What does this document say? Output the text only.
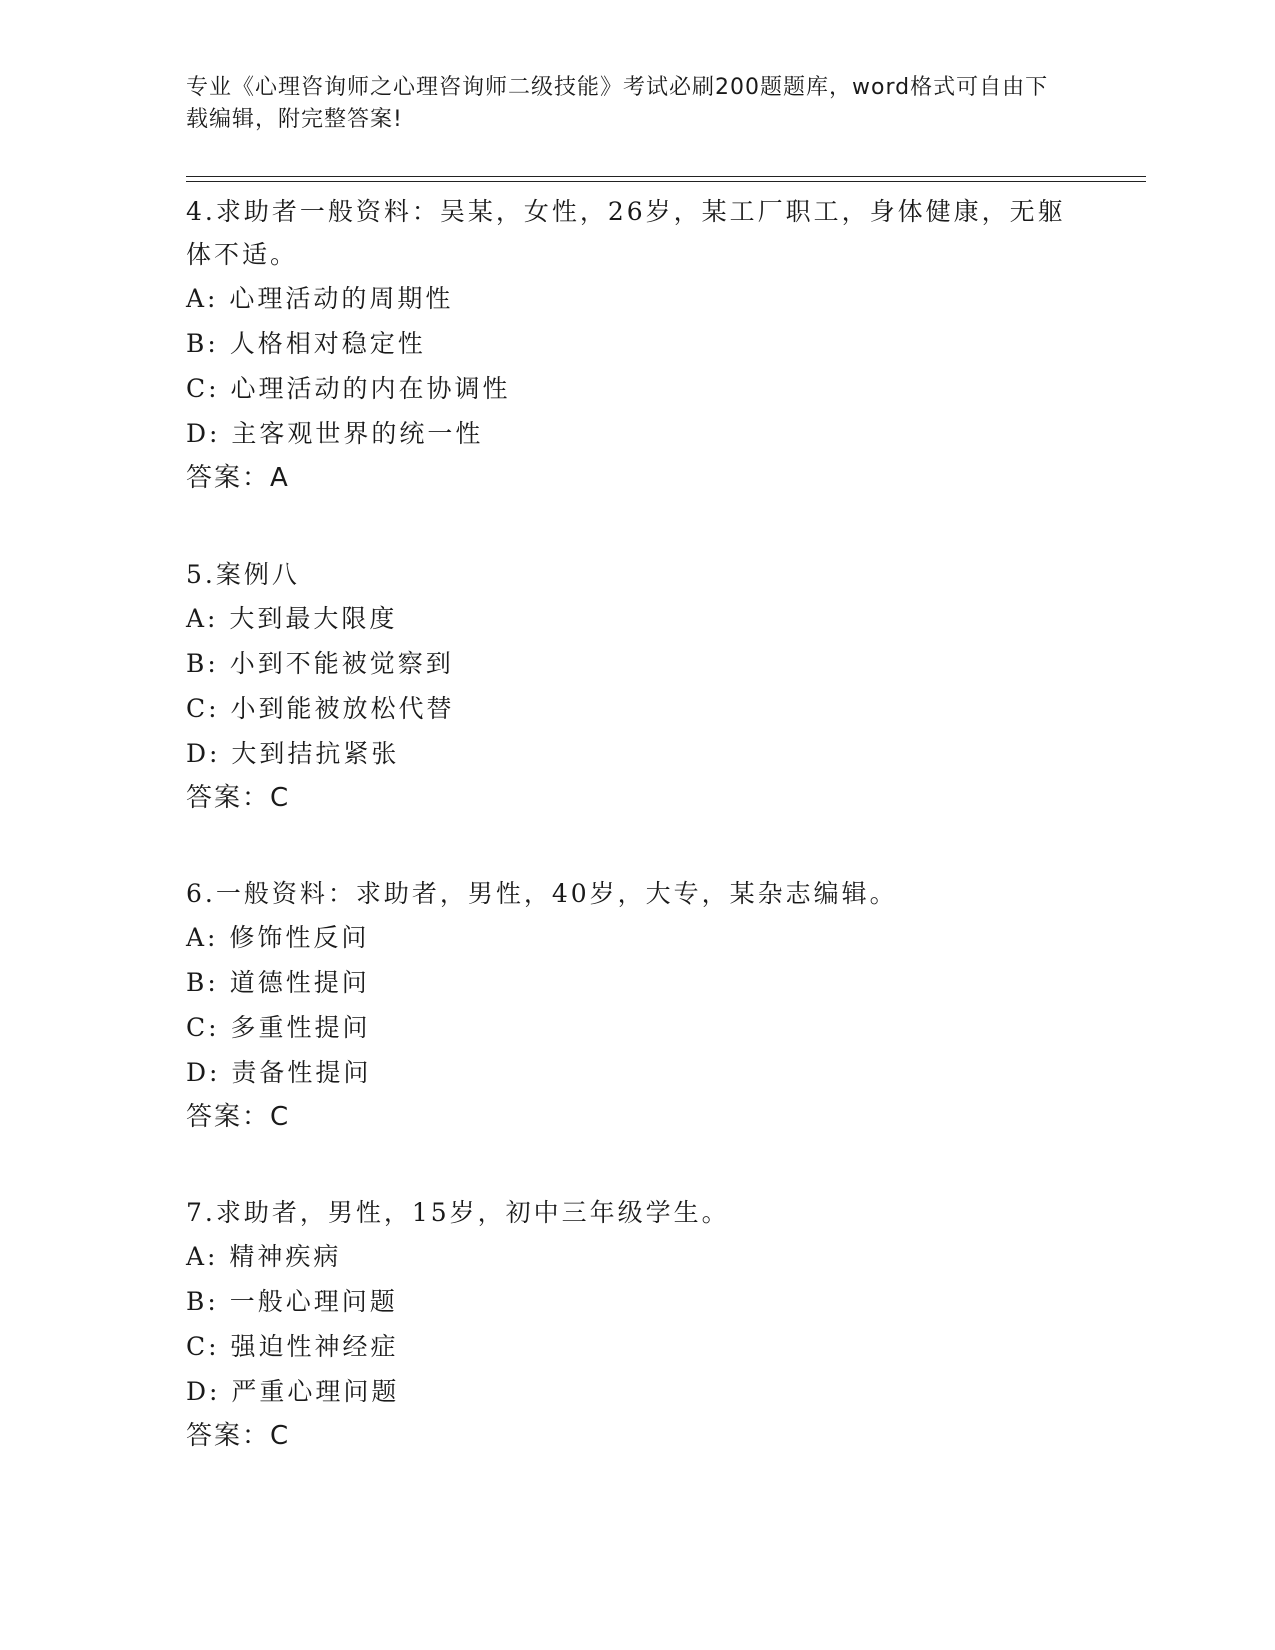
专业《心理咨询师之心理咨询师二级技能》考试必刷200题题库，word格式可自由下载编辑，附完整答案!
4.求助者一般资料：吴某，女性，26岁，某工厂职工，身体健康，无躯体不适。
A: 心理活动的周期性
B: 人格相对稳定性
C: 心理活动的内在协调性
D: 主客观世界的统一性
答案：A
5.案例八
A: 大到最大限度
B: 小到不能被觉察到
C: 小到能被放松代替
D: 大到拮抗紧张
答案：C
6.一般资料：求助者，男性，40岁，大专，某杂志编辑。
A: 修饰性反问
B: 道德性提问
C: 多重性提问
D: 责备性提问
答案：C
7.求助者，男性，15岁，初中三年级学生。
A: 精神疾病
B: 一般心理问题
C: 强迫性神经症
D: 严重心理问题
答案：C
